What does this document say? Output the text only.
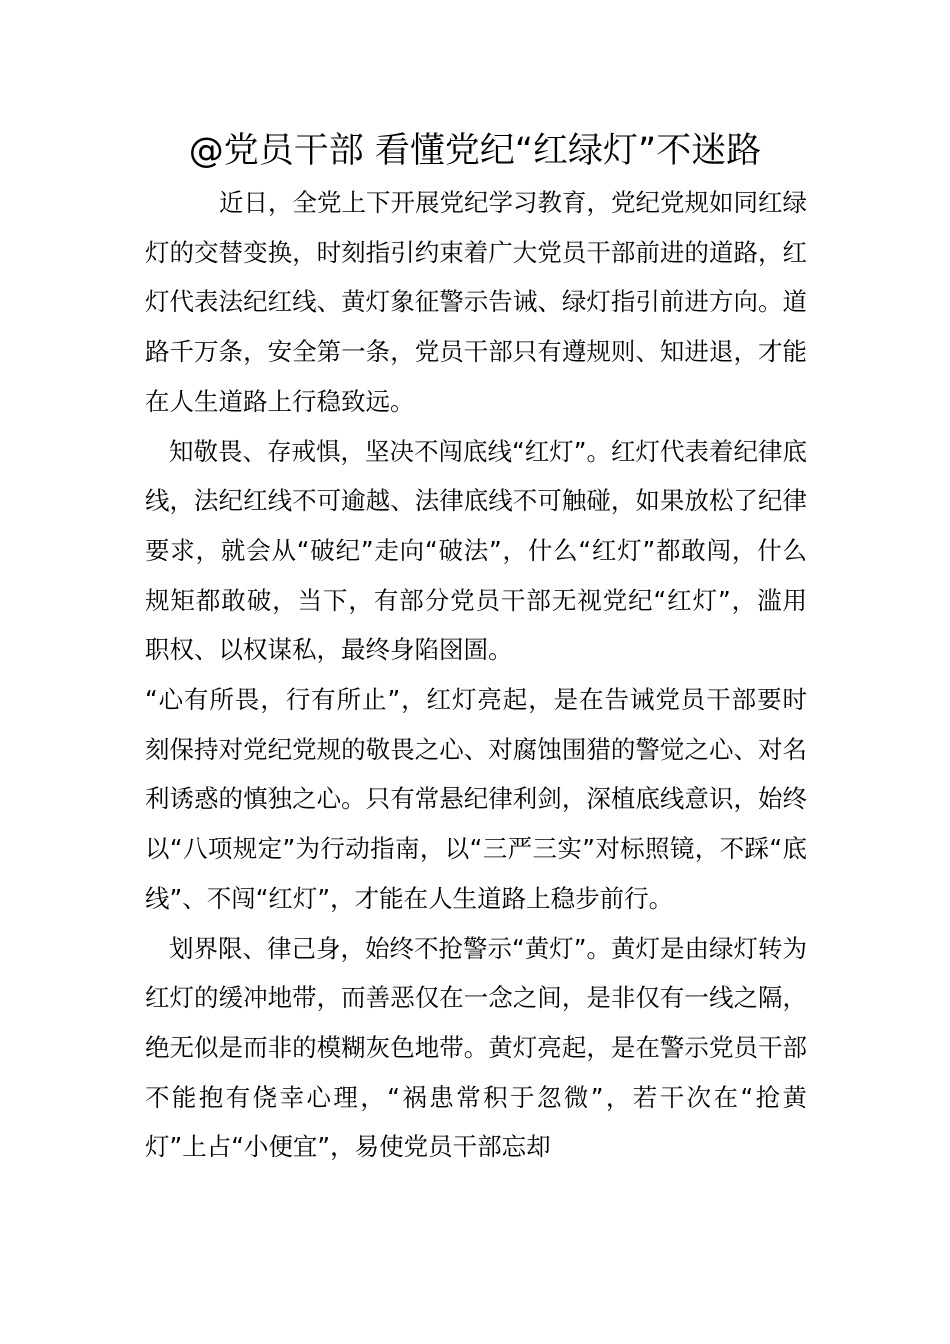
@党员干部 看懂党纪“红绿灯”不迷路

近日，全党上下开展党纪学习教育，党纪党规如同红绿灯的交替变换，时刻指引约束着广大党员干部前进的道路，红灯代表法纪红线、黄灯象征警示告诫、绿灯指引前进方向。道路千万条，安全第一条，党员干部只有遵规则、知进退，才能在人生道路上行稳致远。

知敬畏、存戒惧，坚决不闯底线“红灯”。红灯代表着纪律底线，法纪红线不可逾越、法律底线不可触碰，如果放松了纪律要求，就会从“破纪”走向“破法”，什么“红灯”都敢闯，什么规矩都敢破，当下，有部分党员干部无视党纪“红灯”，滥用职权、以权谋私，最终身陷囹圄。

“心有所畏，行有所止”，红灯亮起，是在告诫党员干部要时刻保持对党纪党规的敬畏之心、对腐蚀围猎的警觉之心、对名利诱惑的慎独之心。只有常悬纪律利剑，深植底线意识，始终以“八项规定”为行动指南，以“三严三实”对标照镜，不踩“底线”、不闯“红灯”，才能在人生道路上稳步前行。

划界限、律己身，始终不抢警示“黄灯”。黄灯是由绿灯转为红灯的缓冲地带，而善恶仅在一念之间，是非仅有一线之隔，绝无似是而非的模糊灰色地带。黄灯亮起，是在警示党员干部不能抱有侥幸心理，“祸患常积于忽微”，若干次在“抢黄灯”上占“小便宜”，易使党员干部忘却
